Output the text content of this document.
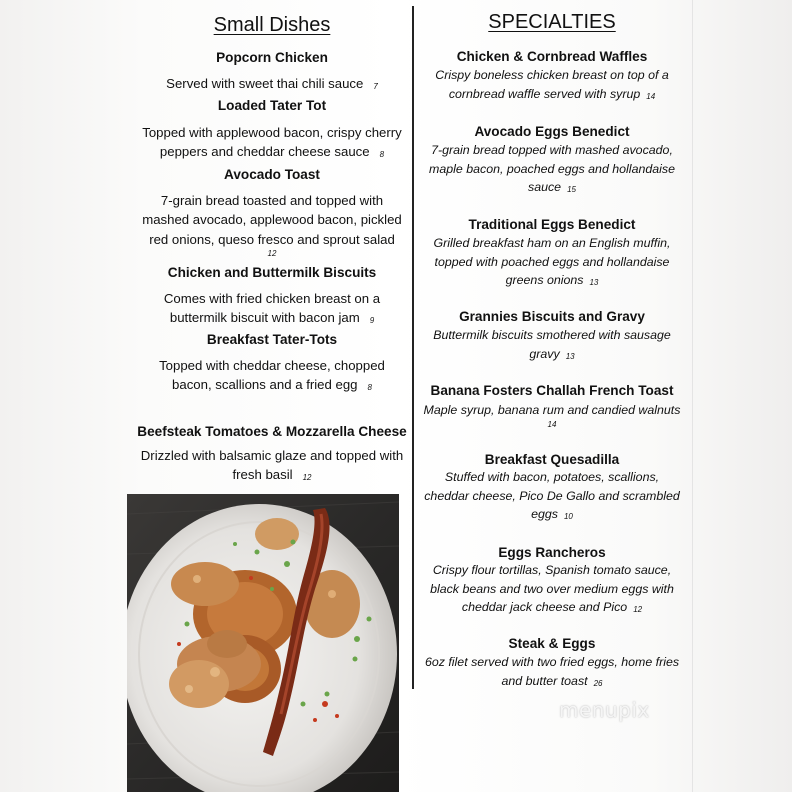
Small Dishes
Popcorn Chicken
Served with sweet thai chili sauce 7
Loaded Tater Tot
Topped with applewood bacon, crispy cherry
peppers and cheddar cheese sauce 8
Avocado Toast
7-grain bread toasted and topped with
mashed avocado, applewood bacon, pickled
red onions, queso fresco and sprout salad
12
Chicken and Buttermilk Biscuits
Comes with fried chicken breast on a
buttermilk biscuit with bacon jam 9
Breakfast Tater-Tots
Topped with cheddar cheese, chopped
bacon, scallions and a fried egg 8
Beefsteak Tomatoes & Mozzarella Cheese
Drizzled with balsamic glaze and topped with
fresh basil 12
SPECIALTIES
Chicken & Cornbread Waffles
Crispy boneless chicken breast on top of a
cornbread waffle served with syrup 14
Avocado Eggs Benedict
7-grain bread topped with mashed avocado,
maple bacon, poached eggs and hollandaise
sauce 15
Traditional Eggs Benedict
Grilled breakfast ham on an English muffin,
topped with poached eggs and hollandaise
greens onions 13
Grannies Biscuits and Gravy
Buttermilk biscuits smothered with sausage
gravy 13
Banana Fosters Challah French Toast
Maple syrup, banana rum and candied walnuts
14
Breakfast Quesadilla
Stuffed with bacon, potatoes, scallions,
cheddar cheese, Pico De Gallo and scrambled
eggs 10
Eggs Rancheros
Crispy flour tortillas, Spanish tomato sauce,
black beans and two over medium eggs with
cheddar jack cheese and Pico 12
Steak & Eggs
6oz filet served with two fried eggs, home fries
and butter toast 26
menupix
